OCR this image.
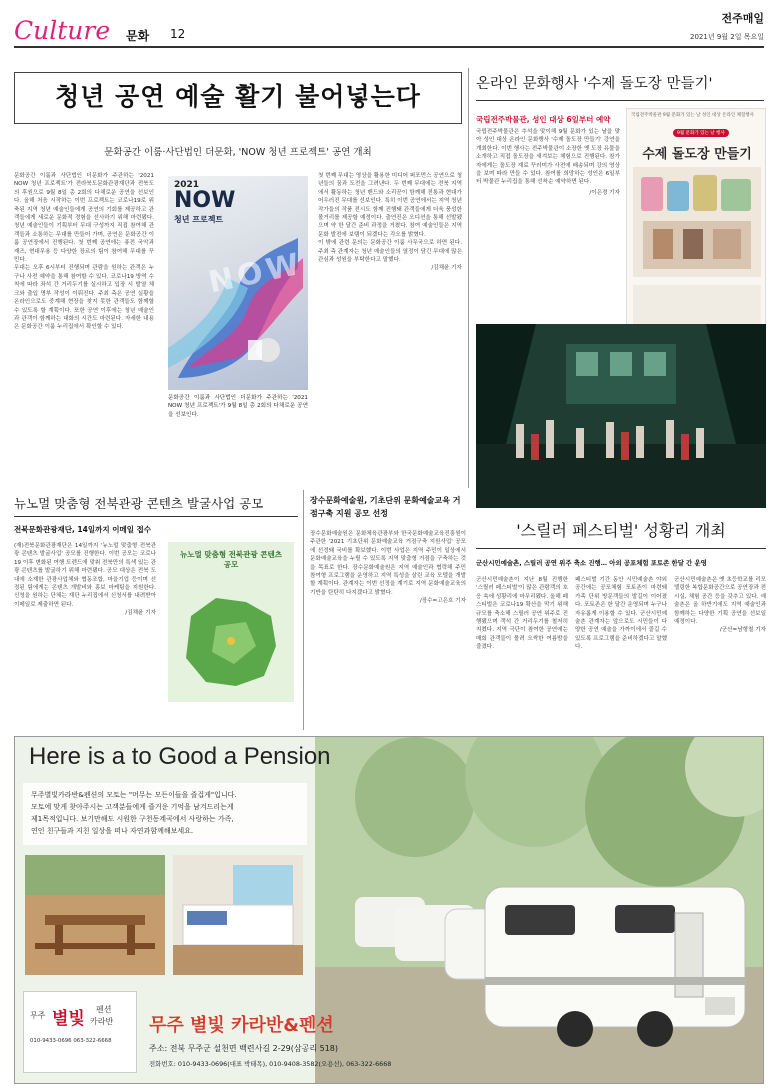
Culture 문화 12
전주매일
2021년 9월 2일 목요일
청년 공연 예술 활기 불어넣는다
문화공간 이룸·사단법인 더문화, 'NOW 청년 프로젝트' 공연 개최
문화공간 이룸과 사단법인 더문화가 주관하는 '2021 NOW 청년 프로젝트'가 전라북도문화관광재단과 전북도의 후원으로 9월 8일 총 2회의 다채로운 공연을 선보인다. 올해 처음 시작하는 이번 프로젝트는 코로나19로 위축된 지역 청년 예술인들에게 공연의 기회를 제공하고 관객들에게 새로운 문화적 경험을 선사하기 위해 마련됐다. 청년 예술인들이 기획부터 무대 구성까지 직접 참여해 관객들과 소통하는 무대를 만들어 가며, 공연은 문화공간 이룸 공연장에서 진행된다. 첫 번째 공연에는 퓨전 국악과 재즈, 현대무용 등 다양한 장르의 팀이 참여해 무대를 꾸민다.
무대는 오후 6시부터 진행되며 관람을 원하는 관객은 누구나 사전 예약을 통해 참여할 수 있다. 코로나19 방역 수칙에 따라 좌석 간 거리두기를 실시하고 입장 시 발열 체크와 출입 명부 작성이 이뤄진다. 주최 측은 공연 실황을 온라인으로도 중계해 현장을 찾지 못한 관객들도 함께할 수 있도록 할 계획이다. 또한 공연 이후에는 청년 예술인과 관객이 함께하는 대화의 시간도 마련된다. 자세한 내용은 문화공간 이룸 누리집에서 확인할 수 있다.
2021
NOW
청년 프로젝트
NOW
문화공간 이룸과 사단법인 더문화가 주관하는 '2021 NOW 청년 프로젝트'가 9월 8일 총 2회의 다채로운 공연을 선보인다.
첫 번째 무대는 영상을 활용한 미디어 퍼포먼스 공연으로 청년들의 꿈과 도전을 그려낸다. 두 번째 무대에는 전북 지역에서 활동하는 청년 밴드와 소리꾼이 함께해 전통과 현대가 어우러진 무대를 선보인다. 특히 이번 공연에서는 지역 청년 작가들의 작품 전시도 함께 진행돼 관객들에게 더욱 풍성한 볼거리를 제공할 예정이다. 출연진은 오디션을 통해 선발됐으며 약 한 달간 준비 과정을 거쳤다. 참여 예술인들은 지역 문화 발전에 보탬이 되겠다는 각오를 밝혔다.
이 밖에 관련 문의는 문화공간 이룸 사무국으로 하면 된다. 주최 측 관계자는 청년 예술인들의 열정이 담긴 무대에 많은 관심과 성원을 부탁한다고 말했다.
/김채윤 기자
온라인 문화행사 '수제 돌도장 만들기'
국립전주박물관, 성인 대상 6일부터 예약
국립전주박물관은 추석을 맞이해 9월 문화가 있는 날을 맞아 성인 대상 온라인 문화행사 '수제 돌도장 만들기' 강연을 개최한다. 이번 행사는 전주박물관이 소장한 옛 도장 유물을 소개하고 직접 돌도장을 새겨보는 체험으로 진행된다. 참가자에게는 돌도장 재료 꾸러미가 사전에 배송되며 강의 영상을 보며 따라 만들 수 있다. 참여를 희망하는 성인은 6일부터 박물관 누리집을 통해 선착순 예약하면 된다.
/이은경 기자
국립전주박물관 9월 문화가 있는 날 성인 대상 온라인 체험행사
9월 문화가 있는 날 행사
수제 돌도장 만들기
뉴노멀 맞춤형 전북관광 콘텐츠 발굴사업 공모
전북문화관광재단, 14일까지 이메일 접수
(재)전북문화관광재단은 14일까지 '뉴노멀 맞춤형 전북관광 콘텐츠 발굴사업' 공모를 진행한다. 이번 공모는 코로나19 이후 변화된 여행 트렌드에 맞춰 전북만의 특색 있는 관광 콘텐츠를 발굴하기 위해 마련됐다. 공모 대상은 전북 도내에 소재한 관광사업체와 협동조합, 마을기업 등이며 선정된 팀에게는 콘텐츠 개발비와 홍보 마케팅을 지원한다. 신청을 원하는 단체는 재단 누리집에서 신청서를 내려받아 이메일로 제출하면 된다.
/김채윤 기자
뉴노멀 맞춤형 전북관광 콘텐츠 공모
장수문화예술원, 기초단위 문화예술교육 거점구축 지원 공모 선정
장수문화예술원은 문화체육관광부와 한국문화예술교육진흥원이 주관한 '2021 기초단위 문화예술교육 거점구축 지원사업' 공모에 선정돼 국비를 확보했다. 이번 사업은 지역 주민이 일상에서 문화예술교육을 누릴 수 있도록 지역 맞춤형 거점을 구축하는 것을 목표로 한다. 장수문화예술원은 지역 예술인과 협력해 주민 참여형 프로그램을 운영하고 지역 특성을 살린 교육 모델을 개발할 계획이다. 관계자는 이번 선정을 계기로 지역 문화예술교육의 기반을 탄탄히 다지겠다고 밝혔다.
/장수=고은호 기자
'스릴러 페스티벌' 성황리 개최
군산시민예술촌, 스릴러 공연 위주 축소 진행… 아외 공포체험 포토존 한달 간 운영
군산시민예술촌이 지난 8월 진행한 '스릴러 페스티벌'이 많은 관람객의 호응 속에 성황리에 마무리됐다. 올해 페스티벌은 코로나19 확산을 막기 위해 규모를 축소해 스릴러 공연 위주로 진행됐으며 객석 간 거리두기를 철저히 지켰다. 지역 극단이 참여한 공연에는 매회 관객들이 몰려 오싹한 여름밤을 즐겼다.
페스티벌 기간 동안 시민예술촌 야외 공간에는 공포체험 포토존이 마련돼 가족 단위 방문객들의 발길이 이어졌다. 포토존은 한 달간 운영되며 누구나 자유롭게 이용할 수 있다. 군산시민예술촌 관계자는 앞으로도 시민들이 다양한 공연 예술을 가까이에서 즐길 수 있도록 프로그램을 준비하겠다고 말했다.
군산시민예술촌은 옛 초등학교를 리모델링한 복합문화공간으로 공연장과 전시실, 체험 공간 등을 갖추고 있다. 예술촌은 올 하반기에도 지역 예술인과 함께하는 다양한 기획 공연을 선보일 예정이다.
/군산=남형철 기자
Here is a to Good a Pension
무주별빛카라반&펜션의 모토는 "머무는 모든이들을 즐겁게"입니다.
모토에 맞게 찾아주시는 고객분들에게 즐거운 기억을 남겨드리는게
제1목적입니다. 보기만해도 시원한 구천동계곡에서 사랑하는 가족,
연인 친구들과 지친 일상을 떠나 자연과함께해보세요.
무주 별빛 펜션
카라반
010-9433-0696 063-322-6668
무주 별빛 카라반&펜션
주소: 전북 무주군 설천면 백련사길 2-29(삼공리 518)
전화번호: 010-9433-0696(대표 박태목), 010-9408-3582(오용선), 063-322-6668
